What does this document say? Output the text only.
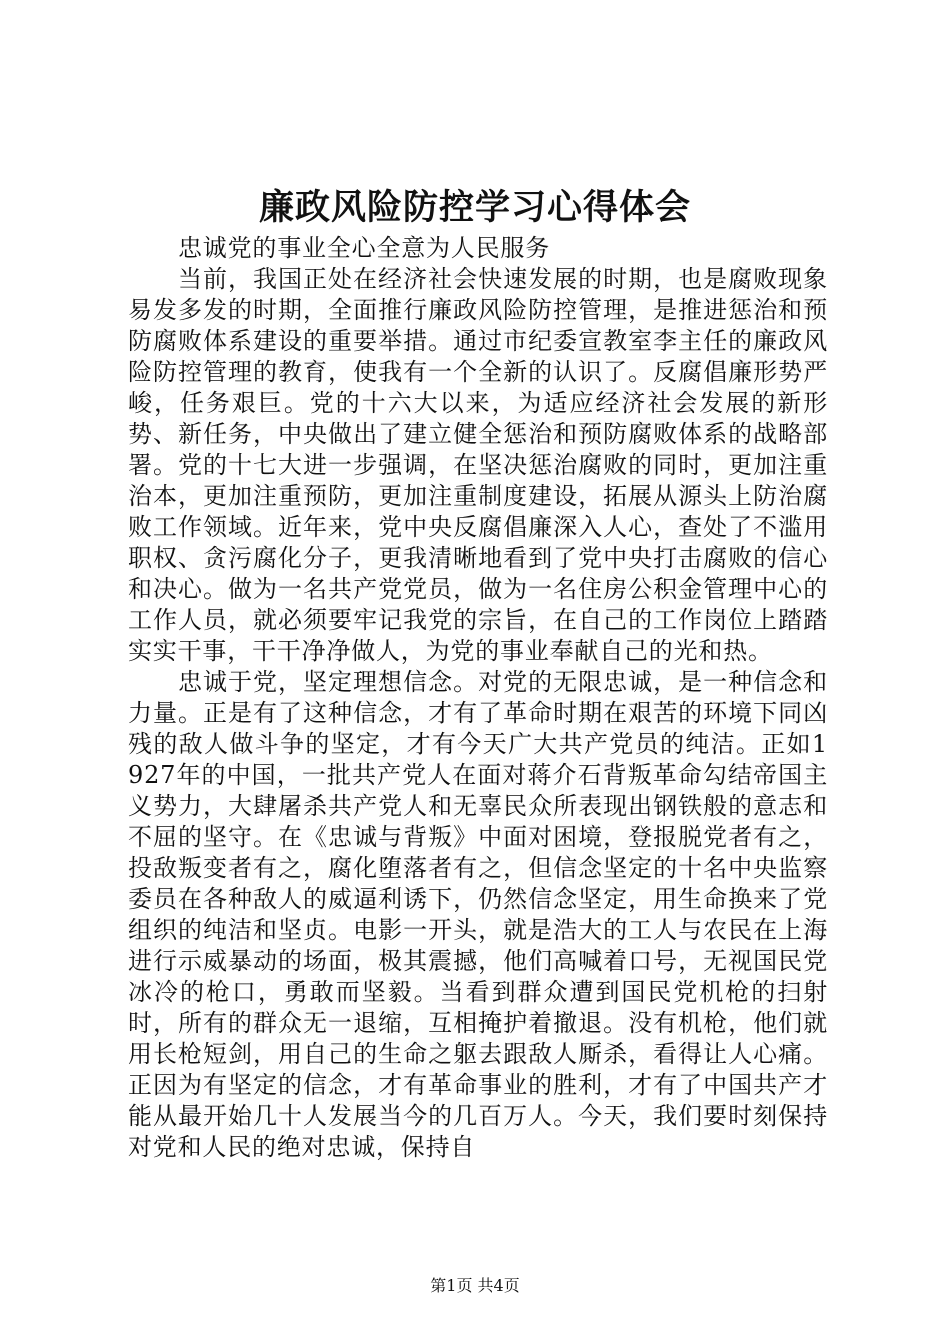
廉政风险防控学习心得体会

忠诚党的事业全心全意为人民服务

当前，我国正处在经济社会快速发展的时期，也是腐败现象易发多发的时期，全面推行廉政风险防控管理，是推进惩治和预防腐败体系建设的重要举措。通过市纪委宣教室李主任的廉政风险防控管理的教育，使我有一个全新的认识了。反腐倡廉形势严峻，任务艰巨。党的十六大以来，为适应经济社会发展的新形势、新任务，中央做出了建立健全惩治和预防腐败体系的战略部署。党的十七大进一步强调，在坚决惩治腐败的同时，更加注重治本，更加注重预防，更加注重制度建设，拓展从源头上防治腐败工作领域。近年来，党中央反腐倡廉深入人心，查处了不滥用职权、贪污腐化分子，更我清晰地看到了党中央打击腐败的信心和决心。做为一名共产党党员，做为一名住房公积金管理中心的工作人员，就必须要牢记我党的宗旨，在自己的工作岗位上踏踏实实干事，干干净净做人，为党的事业奉献自己的光和热。

忠诚于党，坚定理想信念。对党的无限忠诚，是一种信念和力量。正是有了这种信念，才有了革命时期在艰苦的环境下同凶残的敌人做斗争的坚定，才有今天广大共产党员的纯洁。正如1927年的中国，一批共产党人在面对蒋介石背叛革命勾结帝国主义势力，大肆屠杀共产党人和无辜民众所表现出钢铁般的意志和不屈的坚守。在《忠诚与背叛》中面对困境，登报脱党者有之，投敌叛变者有之，腐化堕落者有之，但信念坚定的十名中央监察委员在各种敌人的威逼利诱下，仍然信念坚定，用生命换来了党组织的纯洁和坚贞。电影一开头，就是浩大的工人与农民在上海进行示威暴动的场面，极其震撼，他们高喊着口号，无视国民党冰冷的枪口，勇敢而坚毅。当看到群众遭到国民党机枪的扫射时，所有的群众无一退缩，互相掩护着撤退。没有机枪，他们就用长枪短剑，用自己的生命之躯去跟敌人厮杀，看得让人心痛。正因为有坚定的信念，才有革命事业的胜利，才有了中国共产才能从最开始几十人发展当今的几百万人。今天，我们要时刻保持对党和人民的绝对忠诚，保持自

第1页 共4页
